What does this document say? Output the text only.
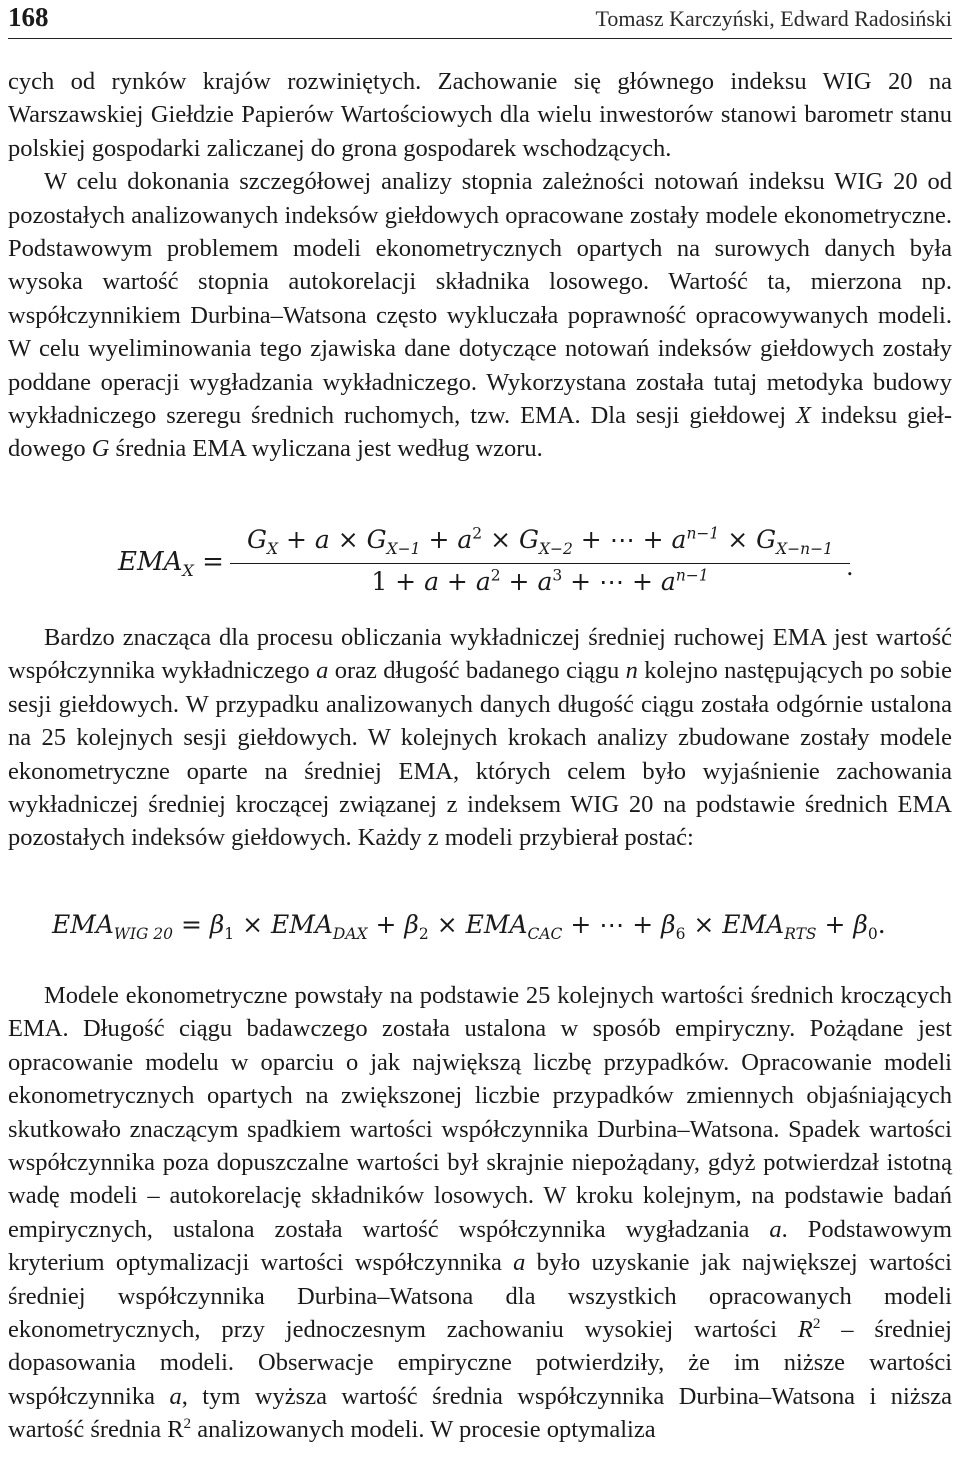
168	Tomasz Karczyński, Edward Radosiński

cych od rynków krajów rozwiniętych. Zachowanie się głównego indeksu WIG 20 na Warszawskiej Giełdzie Papierów Wartościowych dla wielu inwestorów stanowi barometr stanu polskiej gospodarki zaliczanej do grona gospodarek wschodzących.

W celu dokonania szczegółowej analizy stopnia zależności notowań indeksu WIG 20 od pozostałych analizowanych indeksów giełdowych opracowane zostały modele ekonometryczne. Podstawowym problemem modeli ekonometrycznych opartych na surowych danych była wysoka wartość stopnia autokorelacji składnika losowego. Wartość ta, mierzona np. współczynnikiem Durbina–Watsona często wykluczała poprawność opracowywanych modeli. W celu wyeliminowania tego zjawiska dane dotyczące notowań indeksów giełdowych zostały poddane operacji wygładzania wykładniczego. Wykorzystana została tutaj metodyka budowy wykładniczego szeregu średnich ruchomych, tzw. EMA. Dla sesji giełdowej X indeksu giełdowego G średnia EMA wyliczana jest według wzoru.

$EMA_X$ =
$G_X + a \times G_{X-1} + a^2 \times G_{X-2}$ + ⋯ + $a^{n-1} \times G_{X-n-1}$
$1 + a + a^2 + a^3$ + ⋯ + $a^{n-1}$	.

Bardzo znacząca dla procesu obliczania wykładniczej średniej ruchowej EMA jest wartość współczynnika wykładniczego a oraz długość badanego ciągu n kolejno następujących po sobie sesji giełdowych. W przypadku analizowanych danych długość ciągu została odgórnie ustalona na 25 kolejnych sesji giełdowych. W kolejnych krokach analizy zbudowane zostały modele ekonometryczne oparte na średniej EMA, których celem było wyjaśnienie zachowania wykładniczej średniej kroczącej związanej z indeksem WIG 20 na podstawie średnich EMA pozostałych indeksów giełdowych. Każdy z modeli przybierał postać:

$EMA_{WIG 20} = \beta_1 \times EMA_{DAX} + \beta_2 \times EMA_{CAC}$ + ⋯ + $\beta_6 \times EMA_{RTS} + \beta_0$.

Modele ekonometryczne powstały na podstawie 25 kolejnych wartości średnich kroczących EMA. Długość ciągu badawczego została ustalona w sposób empiryczny. Pożądane jest opracowanie modelu w oparciu o jak największą liczbę przypadków. Opracowanie modeli ekonometrycznych opartych na zwiększonej liczbie przypadków zmiennych objaśniających skutkowało znaczącym spadkiem wartości współczynnika Durbina–Watsona. Spadek wartości współczynnika poza dopuszczalne wartości był skrajnie niepożądany, gdyż potwierdzał istotną wadę modeli – autokorelację składników losowych. W kroku kolejnym, na podstawie badań empirycznych, ustalona została wartość współczynnika wygładzania a. Podstawowym kryterium optymalizacji wartości współczynnika a było uzyskanie jak największej wartości średniej współczynnika Durbina–Watsona dla wszystkich opracowanych modeli ekonometrycznych, przy jednoczesnym zachowaniu wysokiej wartości $R^2$ – średniej dopasowania modeli. Obserwacje empiryczne potwierdziły, że im niższe wartości współczynnika a, tym wyższa wartość średnia współczynnika Durbina–Watsona i niższa wartość średnia $R^2$ analizowanych modeli. W procesie optymaliza
